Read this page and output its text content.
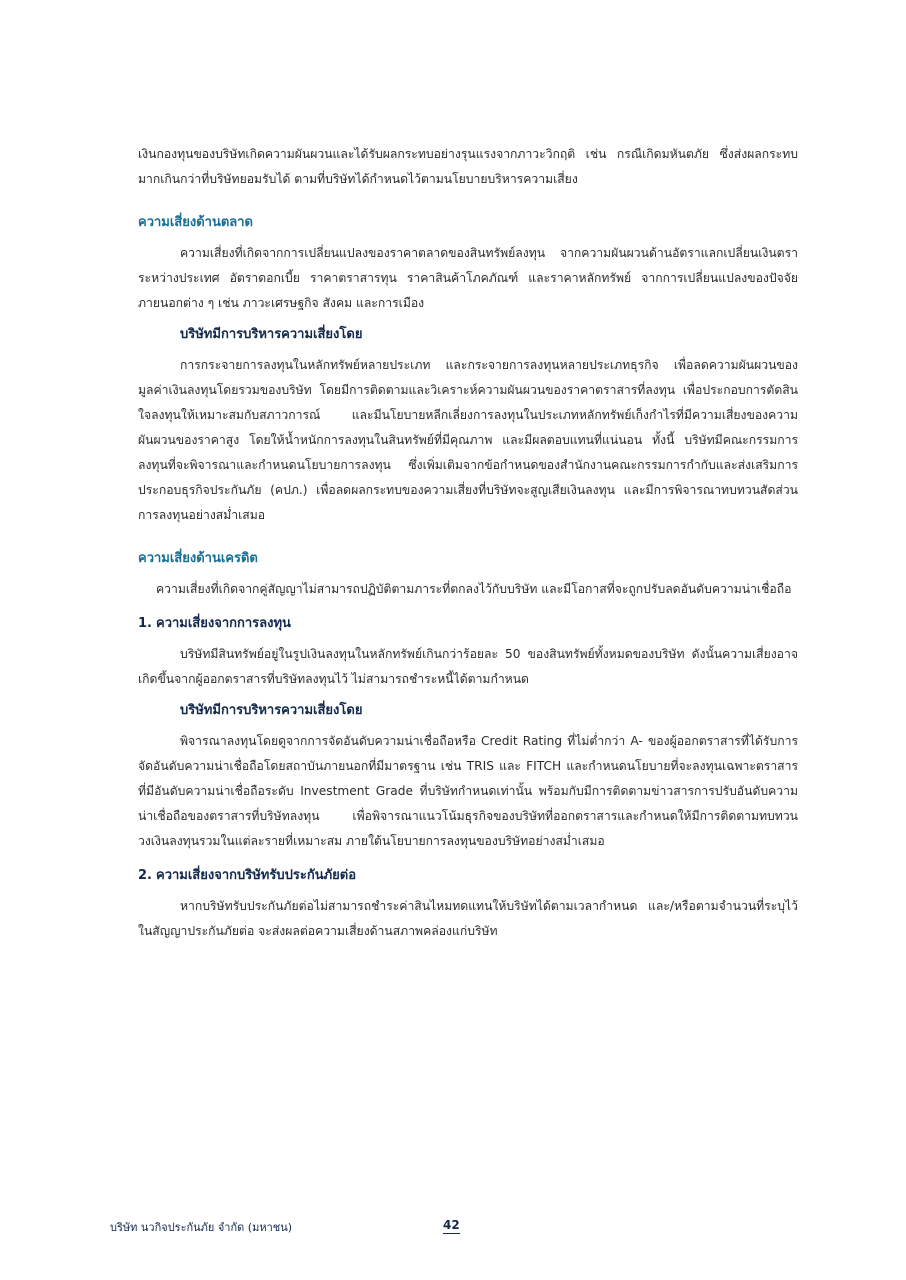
เงินกองทุนของบริษัทเกิดความผันผวนและได้รับผลกระทบอย่างรุนแรงจากภาวะวิกฤติ เช่น กรณีเกิดมหันตภัย ซึ่งส่งผลกระทบมากเกินกว่าที่บริษัทยอมรับได้ ตามที่บริษัทได้กำหนดไว้ตามนโยบายบริหารความเสี่ยง

ความเสี่ยงด้านตลาด

ความเสี่ยงที่เกิดจากการเปลี่ยนแปลงของราคาตลาดของสินทรัพย์ลงทุน จากความผันผวนด้านอัตราแลกเปลี่ยนเงินตราระหว่างประเทศ อัตราดอกเบี้ย ราคาตราสารทุน ราคาสินค้าโภคภัณฑ์ และราคาหลักทรัพย์ จากการเปลี่ยนแปลงของปัจจัยภายนอกต่าง ๆ เช่น ภาวะเศรษฐกิจ สังคม และการเมือง

บริษัทมีการบริหารความเสี่ยงโดย

การกระจายการลงทุนในหลักทรัพย์หลายประเภท และกระจายการลงทุนหลายประเภทธุรกิจ เพื่อลดความผันผวนของมูลค่าเงินลงทุนโดยรวมของบริษัท โดยมีการติดตามและวิเคราะห์ความผันผวนของราคาตราสารที่ลงทุน เพื่อประกอบการตัดสินใจลงทุนให้เหมาะสมกับสภาวการณ์ และมีนโยบายหลีกเลี่ยงการลงทุนในประเภทหลักทรัพย์เก็งกำไรที่มีความเสี่ยงของความผันผวนของราคาสูง โดยให้น้ำหนักการลงทุนในสินทรัพย์ที่มีคุณภาพ และมีผลตอบแทนที่แน่นอน ทั้งนี้ บริษัทมีคณะกรรมการลงทุนที่จะพิจารณาและกำหนดนโยบายการลงทุน ซึ่งเพิ่มเติมจากข้อกำหนดของสำนักงานคณะกรรมการกำกับและส่งเสริมการประกอบธุรกิจประกันภัย (คปภ.) เพื่อลดผลกระทบของความเสี่ยงที่บริษัทจะสูญเสียเงินลงทุน และมีการพิจารณาทบทวนสัดส่วนการลงทุนอย่างสม่ำเสมอ

ความเสี่ยงด้านเครดิต

ความเสี่ยงที่เกิดจากคู่สัญญาไม่สามารถปฏิบัติตามภาระที่ตกลงไว้กับบริษัท และมีโอกาสที่จะถูกปรับลดอันดับความน่าเชื่อถือ

1. ความเสี่ยงจากการลงทุน

บริษัทมีสินทรัพย์อยู่ในรูปเงินลงทุนในหลักทรัพย์เกินกว่าร้อยละ 50 ของสินทรัพย์ทั้งหมดของบริษัท ดังนั้นความเสี่ยงอาจเกิดขึ้นจากผู้ออกตราสารที่บริษัทลงทุนไว้ ไม่สามารถชำระหนี้ได้ตามกำหนด

บริษัทมีการบริหารความเสี่ยงโดย

พิจารณาลงทุนโดยดูจากการจัดอันดับความน่าเชื่อถือหรือ Credit Rating ที่ไม่ต่ำกว่า A- ของผู้ออกตราสารที่ได้รับการจัดอันดับความน่าเชื่อถือโดยสถาบันภายนอกที่มีมาตรฐาน เช่น TRIS และ FITCH และกำหนดนโยบายที่จะลงทุนเฉพาะตราสารที่มีอันดับความน่าเชื่อถือระดับ Investment Grade ที่บริษัทกำหนดเท่านั้น พร้อมกับมีการติดตามข่าวสารการปรับอันดับความน่าเชื่อถือของตราสารที่บริษัทลงทุน เพื่อพิจารณาแนวโน้มธุรกิจของบริษัทที่ออกตราสารและกำหนดให้มีการติดตามทบทวนวงเงินลงทุนรวมในแต่ละรายที่เหมาะสม ภายใต้นโยบายการลงทุนของบริษัทอย่างสม่ำเสมอ

2. ความเสี่ยงจากบริษัทรับประกันภัยต่อ

หากบริษัทรับประกันภัยต่อไม่สามารถชำระค่าสินไหมทดแทนให้บริษัทได้ตามเวลากำหนด และ/หรือตามจำนวนที่ระบุไว้ในสัญญาประกันภัยต่อ จะส่งผลต่อความเสี่ยงด้านสภาพคล่องแก่บริษัท

บริษัท นวกิจประกันภัย จำกัด (มหาชน)	42
